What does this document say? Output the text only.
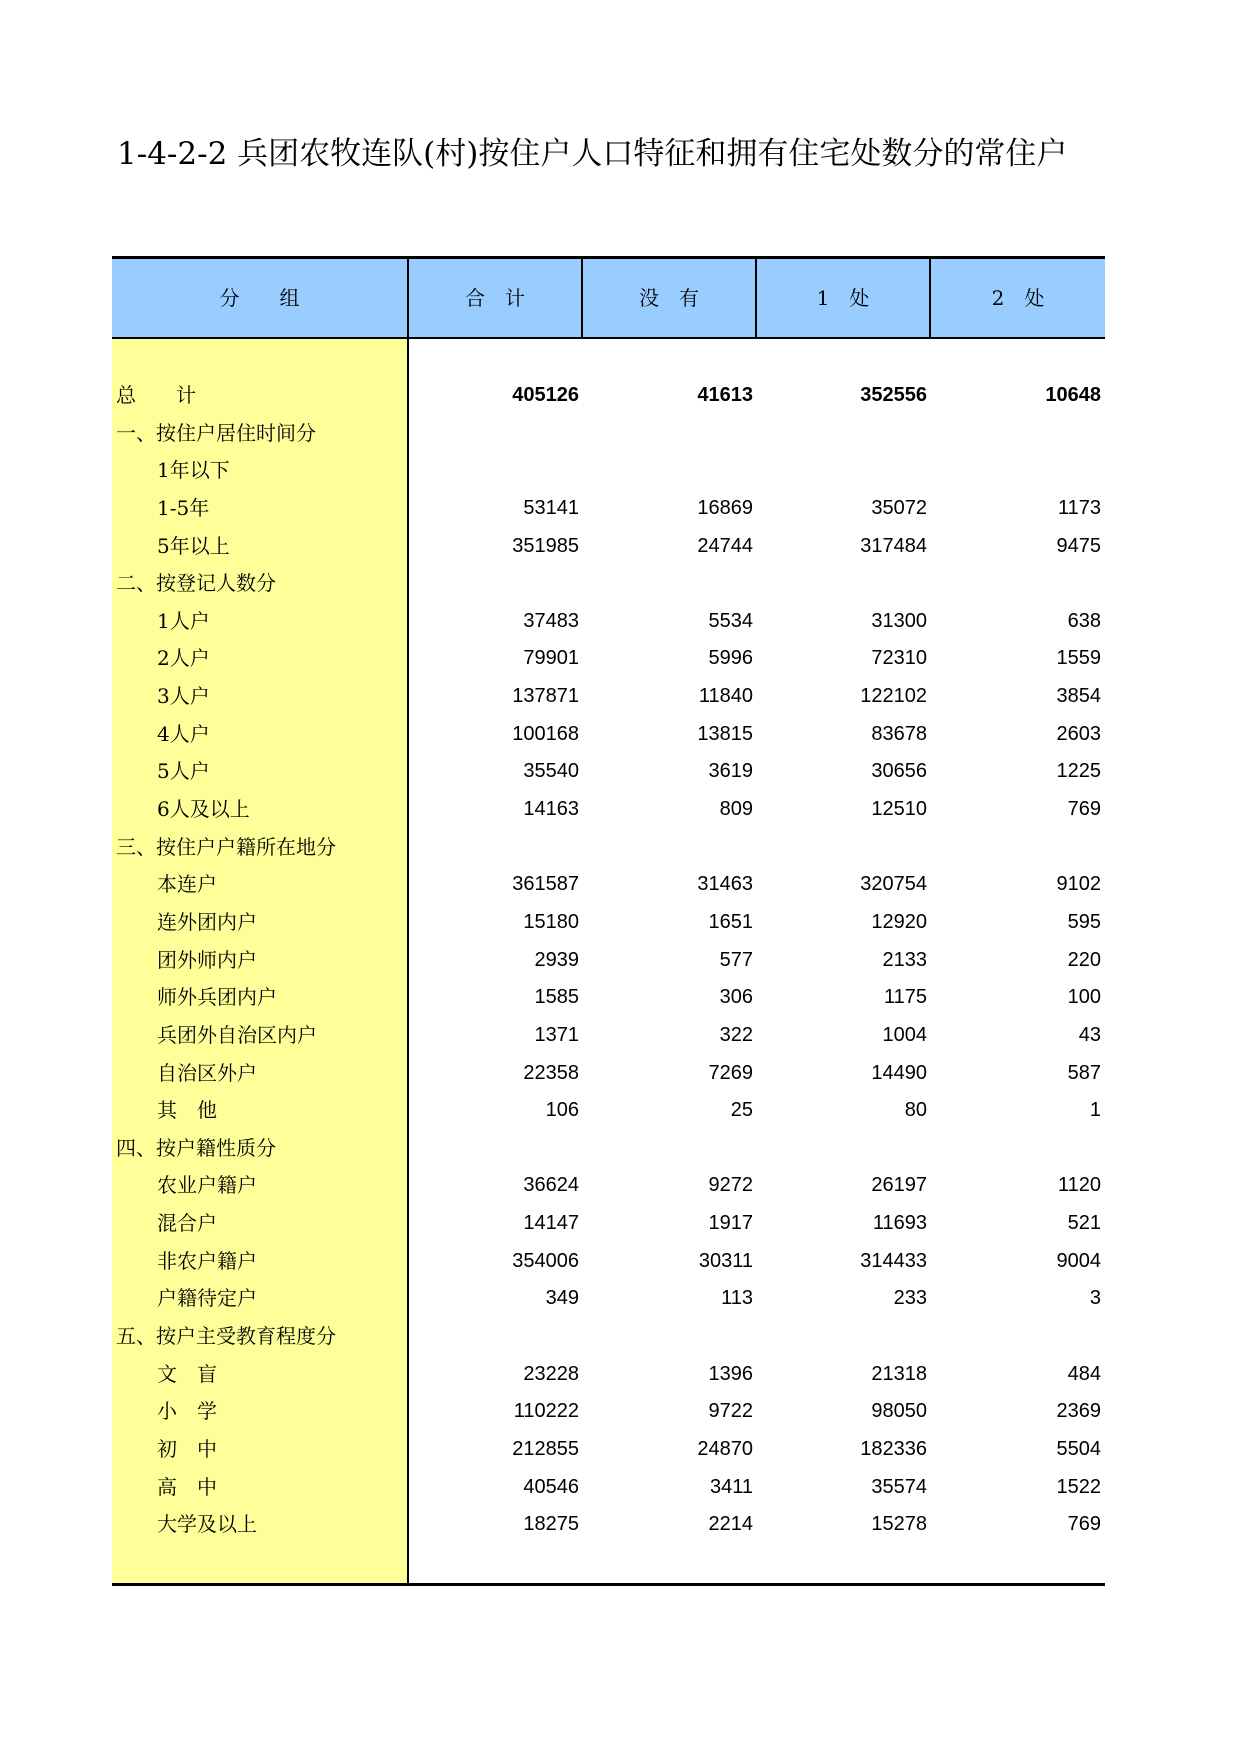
1-4-2-2 兵团农牧连队(村)按住户人口特征和拥有住宅处数分的常住户
分　　组	合　计	没　有	1　处	2　处
总　　计	405126	41613	352556	10648
一、按住户居住时间分
1年以下
1-5年	53141	16869	35072	1173
5年以上	351985	24744	317484	9475
二、按登记人数分
1人户	37483	5534	31300	638
2人户	79901	5996	72310	1559
3人户	137871	11840	122102	3854
4人户	100168	13815	83678	2603
5人户	35540	3619	30656	1225
6人及以上	14163	809	12510	769
三、按住户户籍所在地分
本连户	361587	31463	320754	9102
连外团内户	15180	1651	12920	595
团外师内户	2939	577	2133	220
师外兵团内户	1585	306	1175	100
兵团外自治区内户	1371	322	1004	43
自治区外户	22358	7269	14490	587
其　他	106	25	80	1
四、按户籍性质分
农业户籍户	36624	9272	26197	1120
混合户	14147	1917	11693	521
非农户籍户	354006	30311	314433	9004
户籍待定户	349	113	233	3
五、按户主受教育程度分
文　盲	23228	1396	21318	484
小　学	110222	9722	98050	2369
初　中	212855	24870	182336	5504
高　中	40546	3411	35574	1522
大学及以上	18275	2214	15278	769
